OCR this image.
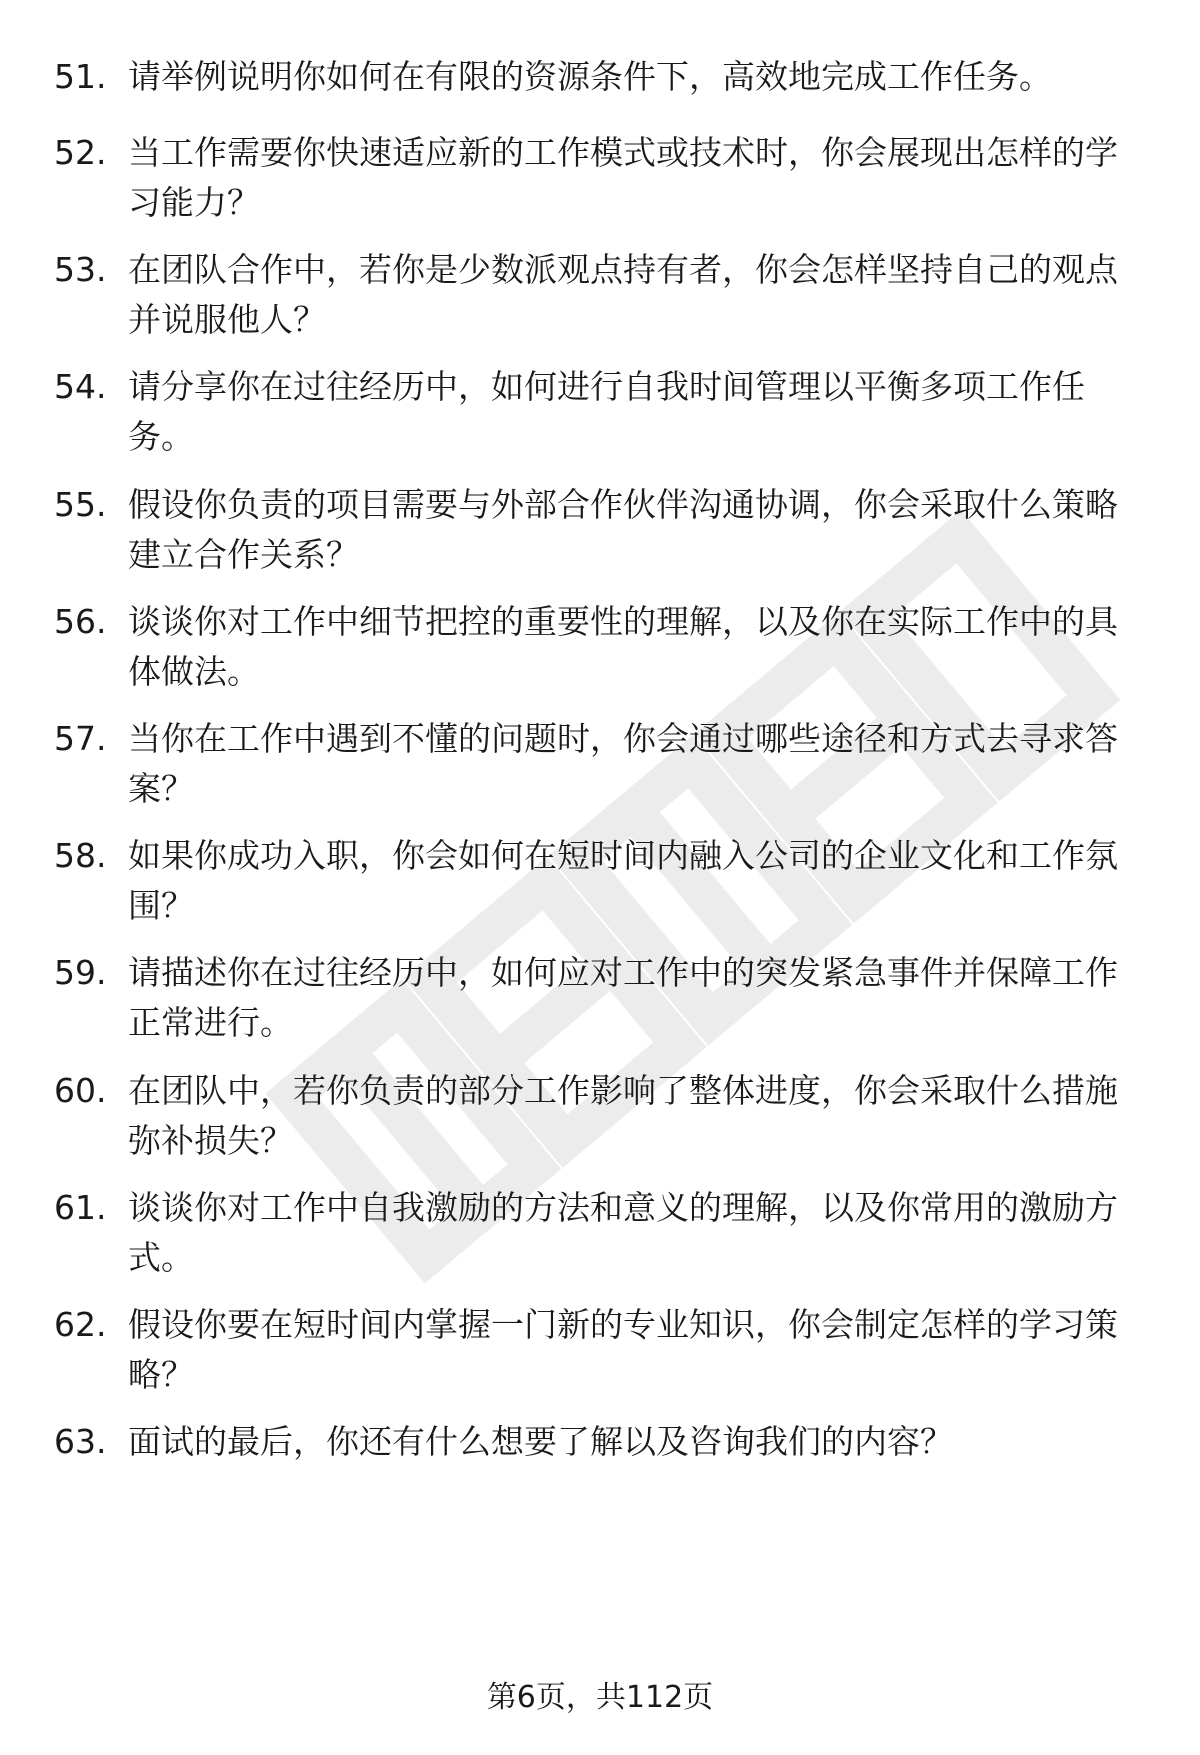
51. 请举例说明你如何在有限的资源条件下，高效地完成工作任务。
52. 当工作需要你快速适应新的工作模式或技术时，你会展现出怎样的学习能力？
53. 在团队合作中，若你是少数派观点持有者，你会怎样坚持自己的观点并说服他人？
54. 请分享你在过往经历中，如何进行自我时间管理以平衡多项工作任务。
55. 假设你负责的项目需要与外部合作伙伴沟通协调，你会采取什么策略建立合作关系？
56. 谈谈你对工作中细节把控的重要性的理解，以及你在实际工作中的具体做法。
57. 当你在工作中遇到不懂的问题时，你会通过哪些途径和方式去寻求答案？
58. 如果你成功入职，你会如何在短时间内融入公司的企业文化和工作氛围？
59. 请描述你在过往经历中，如何应对工作中的突发紧急事件并保障工作正常进行。
60. 在团队中，若你负责的部分工作影响了整体进度，你会采取什么措施弥补损失？
61. 谈谈你对工作中自我激励的方法和意义的理解，以及你常用的激励方式。
62. 假设你要在短时间内掌握一门新的专业知识，你会制定怎样的学习策略？
63. 面试的最后，你还有什么想要了解以及咨询我们的内容？
第6页，共112页
